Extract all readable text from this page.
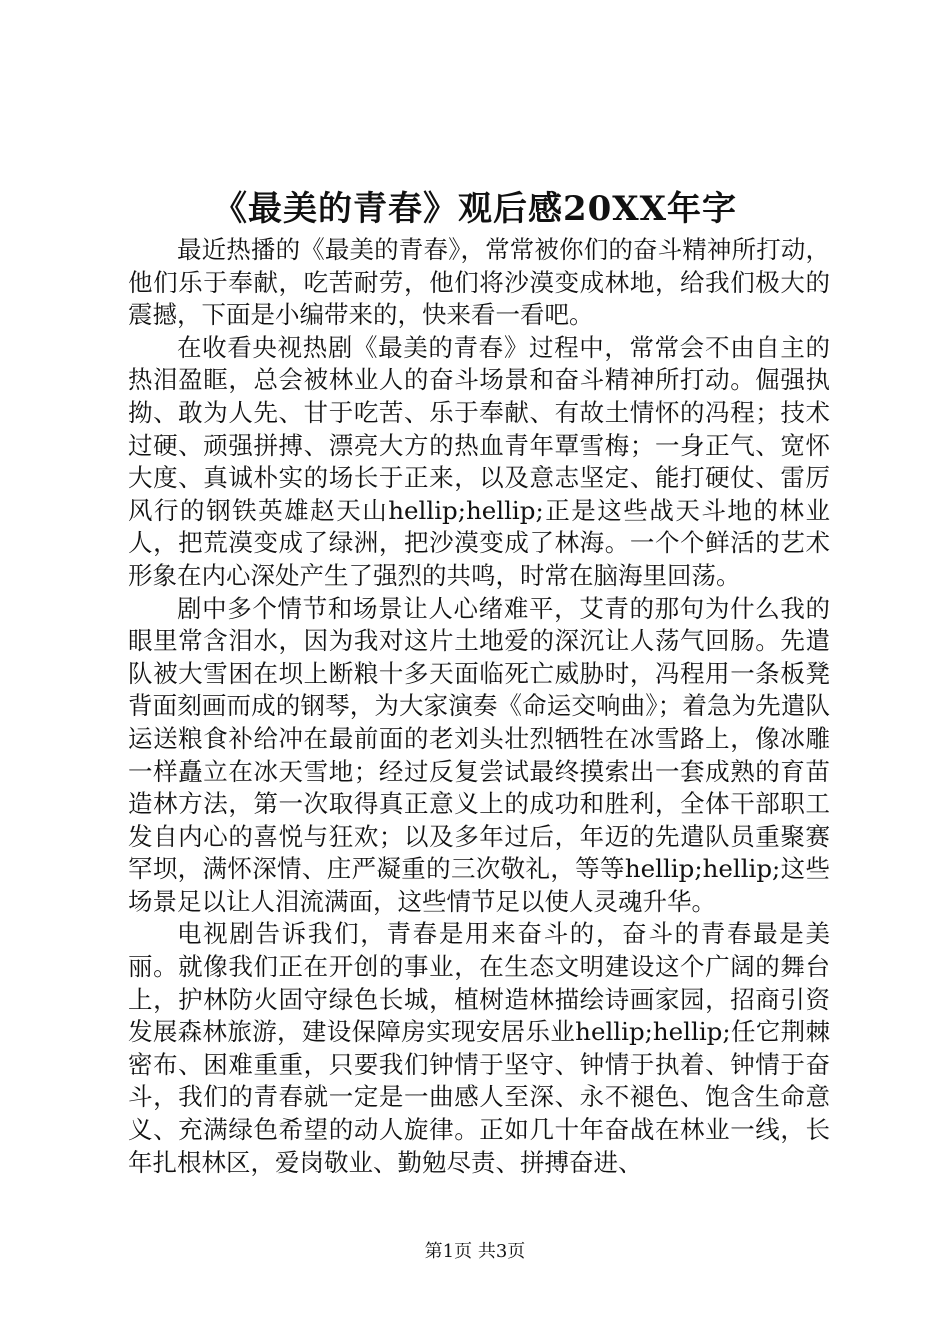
《最美的青春》观后感20XX年字

最近热播的《最美的青春》，常常被你们的奋斗精神所打动，他们乐于奉献，吃苦耐劳，他们将沙漠变成林地，给我们极大的震撼，下面是小编带来的，快来看一看吧。

在收看央视热剧《最美的青春》过程中，常常会不由自主的热泪盈眶，总会被林业人的奋斗场景和奋斗精神所打动。倔强执拗、敢为人先、甘于吃苦、乐于奉献、有故土情怀的冯程；技术过硬、顽强拼搏、漂亮大方的热血青年覃雪梅；一身正气、宽怀大度、真诚朴实的场长于正来，以及意志坚定、能打硬仗、雷厉风行的钢铁英雄赵天山hellip;hellip;正是这些战天斗地的林业人，把荒漠变成了绿洲，把沙漠变成了林海。一个个鲜活的艺术形象在内心深处产生了强烈的共鸣，时常在脑海里回荡。

剧中多个情节和场景让人心绪难平，艾青的那句为什么我的眼里常含泪水，因为我对这片土地爱的深沉让人荡气回肠。先遣队被大雪困在坝上断粮十多天面临死亡威胁时，冯程用一条板凳背面刻画而成的钢琴，为大家演奏《命运交响曲》；着急为先遣队运送粮食补给冲在最前面的老刘头壮烈牺牲在冰雪路上，像冰雕一样矗立在冰天雪地；经过反复尝试最终摸索出一套成熟的育苗造林方法，第一次取得真正意义上的成功和胜利，全体干部职工发自内心的喜悦与狂欢；以及多年过后，年迈的先遣队员重聚赛罕坝，满怀深情、庄严凝重的三次敬礼，等等hellip;hellip;这些场景足以让人泪流满面，这些情节足以使人灵魂升华。

电视剧告诉我们，青春是用来奋斗的，奋斗的青春最是美丽。就像我们正在开创的事业，在生态文明建设这个广阔的舞台上，护林防火固守绿色长城，植树造林描绘诗画家园，招商引资发展森林旅游，建设保障房实现安居乐业hellip;hellip;任它荆棘密布、困难重重，只要我们钟情于坚守、钟情于执着、钟情于奋斗，我们的青春就一定是一曲感人至深、永不褪色、饱含生命意义、充满绿色希望的动人旋律。正如几十年奋战在林业一线，长年扎根林区，爱岗敬业、勤勉尽责、拼搏奋进、

第1页 共3页
